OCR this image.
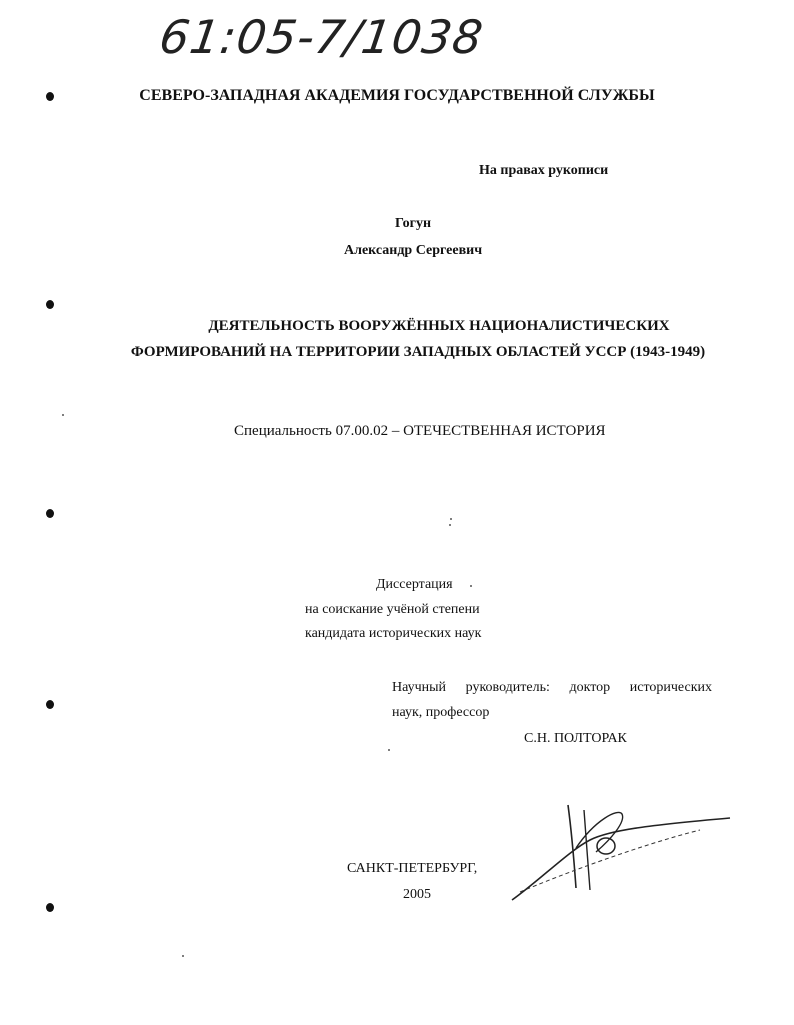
61:05-7/1038
СЕВЕРО-ЗАПАДНАЯ АКАДЕМИЯ ГОСУДАРСТВЕННОЙ СЛУЖБЫ
На правах рукописи
Гогун
Александр Сергеевич
ДЕЯТЕЛЬНОСТЬ ВООРУЖЁННЫХ НАЦИОНАЛИСТИЧЕСКИХ
ФОРМИРОВАНИЙ НА ТЕРРИТОРИИ ЗАПАДНЫХ ОБЛАСТЕЙ УССР (1943-1949)
Специальность 07.00.02 – ОТЕЧЕСТВЕННАЯ ИСТОРИЯ
Диссертация
на соискание учёной степени
кандидата исторических наук
Научный руководитель: доктор исторических
наук, профессор
С.Н. ПОЛТОРАК
САНКТ-ПЕТЕРБУРГ,
2005
